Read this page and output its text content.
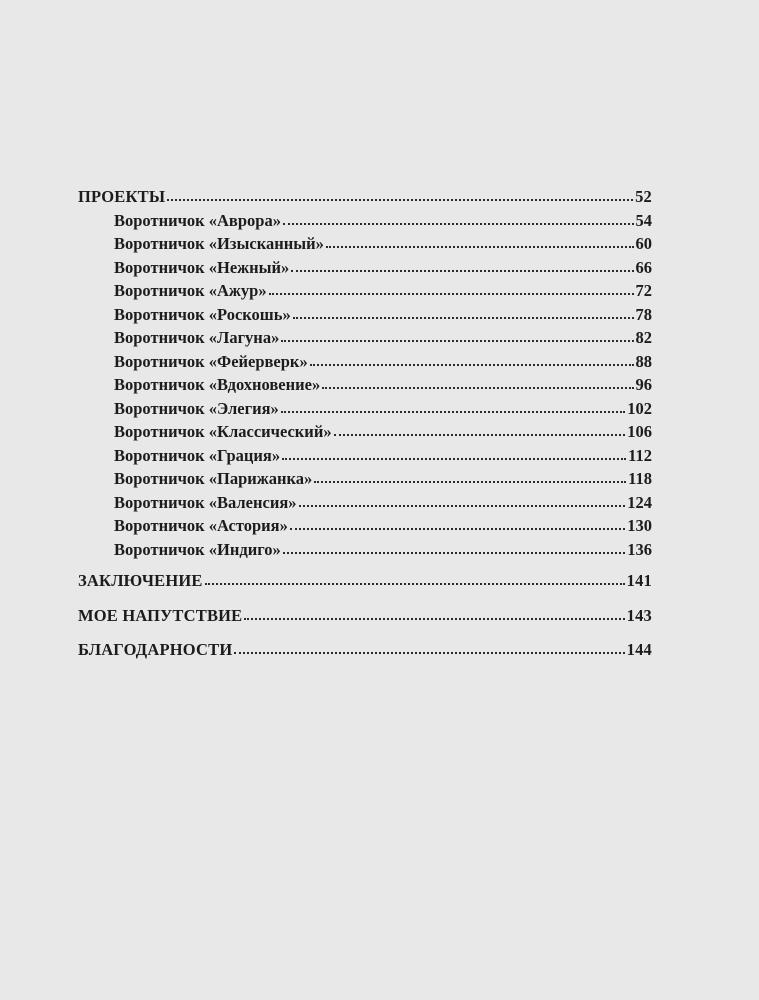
ПРОЕКТЫ	52
Воротничок «Аврора»	54
Воротничок «Изысканный»	60
Воротничок «Нежный»	66
Воротничок «Ажур»	72
Воротничок «Роскошь»	78
Воротничок «Лагуна»	82
Воротничок «Фейерверк»	88
Воротничок «Вдохновение»	96
Воротничок «Элегия»	102
Воротничок «Классический»	106
Воротничок «Грация»	112
Воротничок «Парижанка»	118
Воротничок «Валенсия»	124
Воротничок «Астория»	130
Воротничок «Индиго»	136
ЗАКЛЮЧЕНИЕ	141
МОЕ НАПУТСТВИЕ	143
БЛАГОДАРНОСТИ	144
